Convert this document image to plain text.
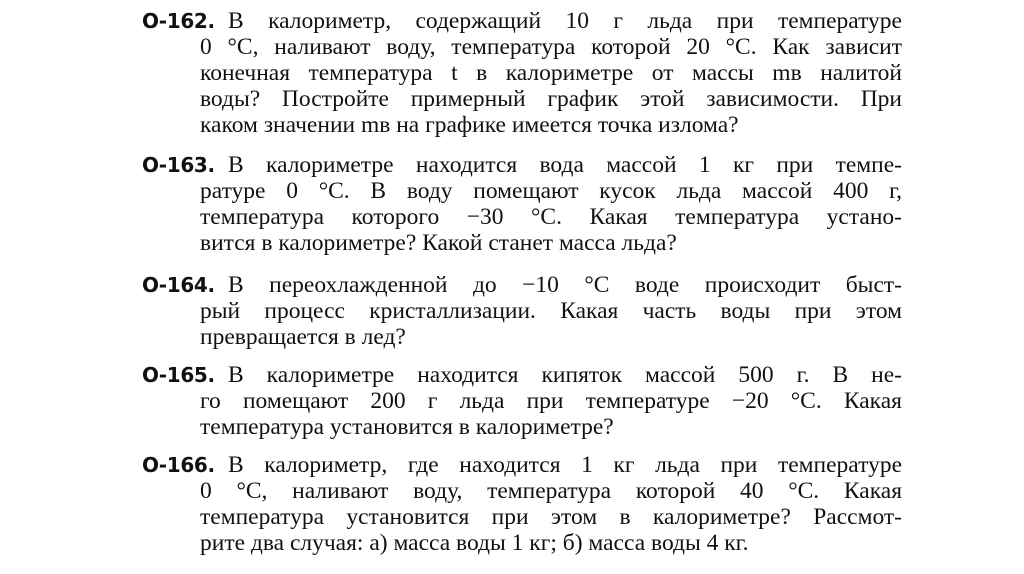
О-162. В калориметр, содержащий 10 г льда при температуре
0 °С, наливают воду, температура которой 20 °С. Как зависит
конечная температура t в калориметре от массы mв налитой
воды? Постройте примерный график этой зависимости. При
каком значении mв на графике имеется точка излома?
О-163. В калориметре находится вода массой 1 кг при темпе-
ратуре 0 °С. В воду помещают кусок льда массой 400 г,
температура которого −30 °С. Какая температура устано-
вится в калориметре? Какой станет масса льда?
О-164. В переохлажденной до −10 °С воде происходит быст-
рый процесс кристаллизации. Какая часть воды при этом
превращается в лед?
О-165. В калориметре находится кипяток массой 500 г. В не-
го помещают 200 г льда при температуре −20 °С. Какая
температура установится в калориметре?
О-166. В калориметр, где находится 1 кг льда при температуре
0 °С, наливают воду, температура которой 40 °С. Какая
температура установится при этом в калориметре? Рассмот-
рите два случая: а) масса воды 1 кг; б) масса воды 4 кг.
